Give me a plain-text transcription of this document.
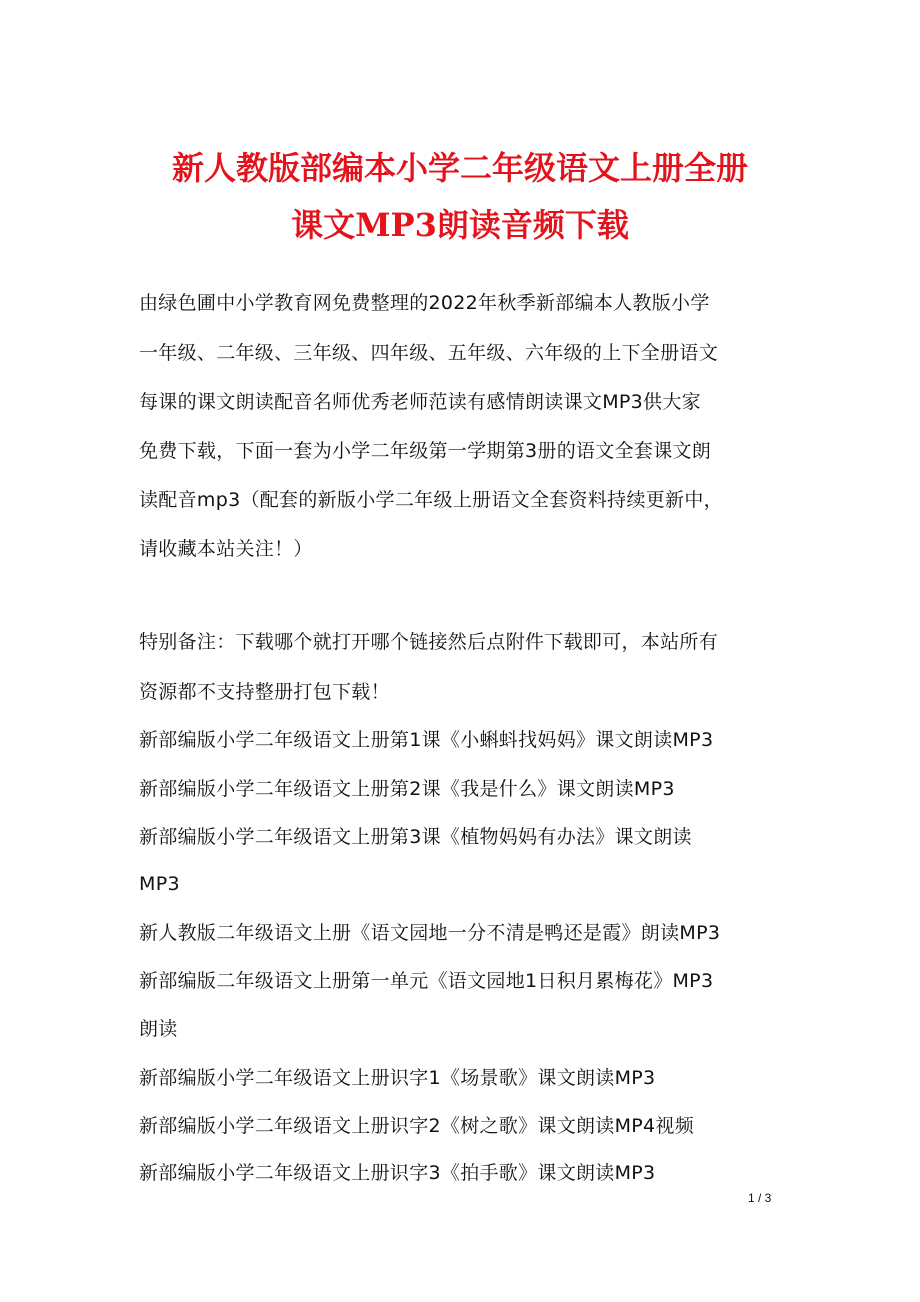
新人教版部编本小学二年级语文上册全册
课文MP3朗读音频下载
由绿色圃中小学教育网免费整理的2022年秋季新部编本人教版小学
一年级、二年级、三年级、四年级、五年级、六年级的上下全册语文
每课的课文朗读配音名师优秀老师范读有感情朗读课文MP3供大家
免费下载，下面一套为小学二年级第一学期第3册的语文全套课文朗
读配音mp3（配套的新版小学二年级上册语文全套资料持续更新中，
请收藏本站关注！）
特别备注：下载哪个就打开哪个链接然后点附件下载即可，本站所有
资源都不支持整册打包下载！
新部编版小学二年级语文上册第1课《小蝌蚪找妈妈》课文朗读MP3
新部编版小学二年级语文上册第2课《我是什么》课文朗读MP3
新部编版小学二年级语文上册第3课《植物妈妈有办法》课文朗读
MP3
新人教版二年级语文上册《语文园地一分不清是鸭还是霞》朗读MP3
新部编版二年级语文上册第一单元《语文园地1日积月累梅花》MP3
朗读
新部编版小学二年级语文上册识字1《场景歌》课文朗读MP3
新部编版小学二年级语文上册识字2《树之歌》课文朗读MP4视频
新部编版小学二年级语文上册识字3《拍手歌》课文朗读MP3
1 / 3
